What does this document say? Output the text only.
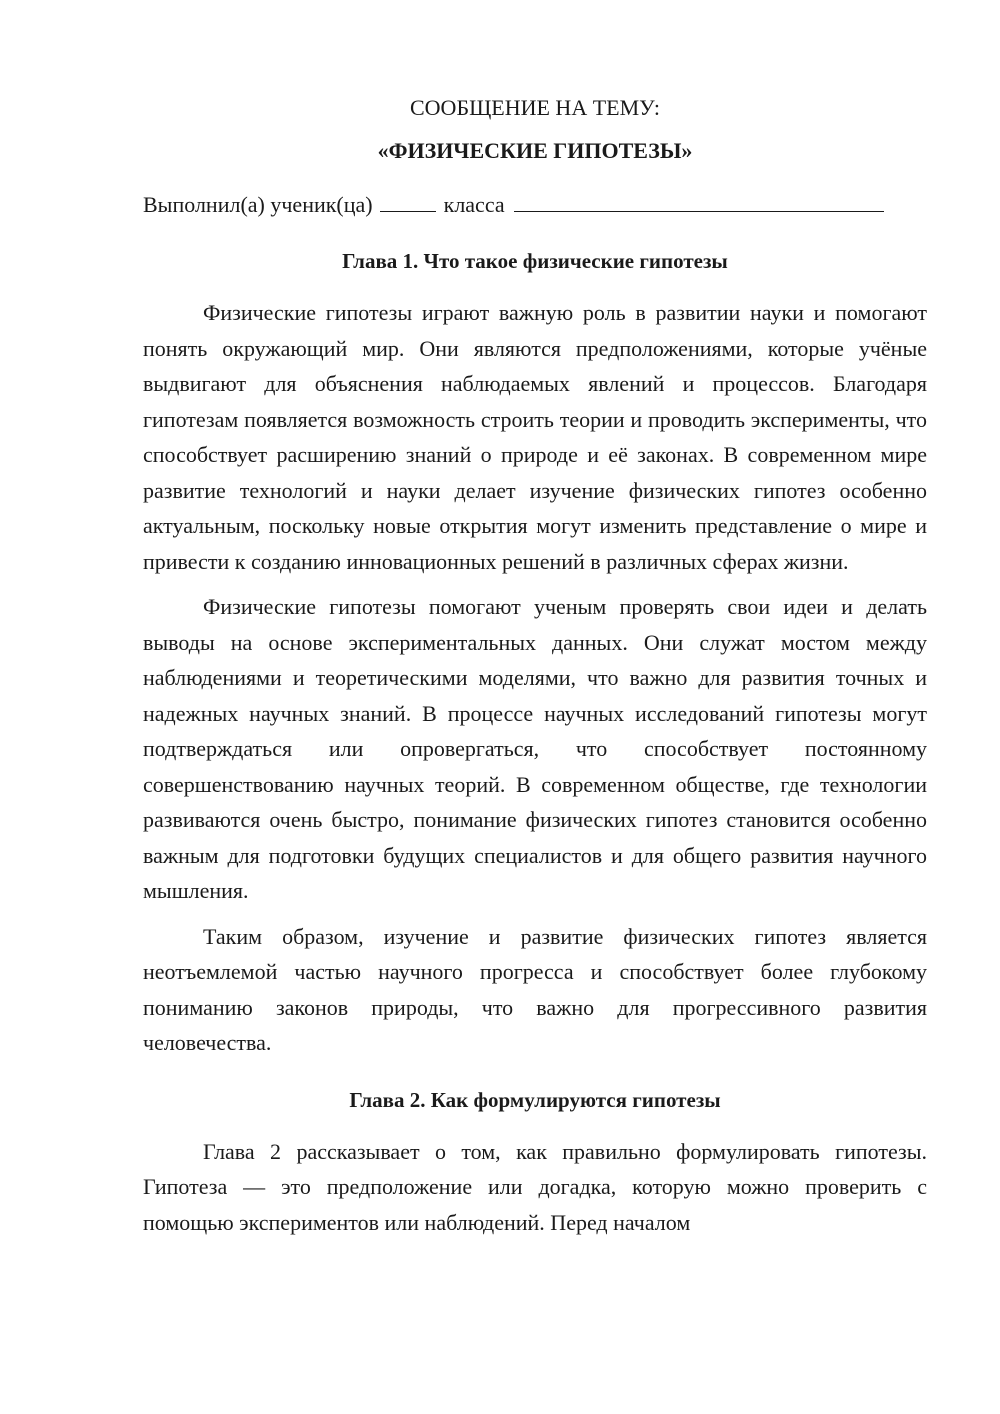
СООБЩЕНИЕ НА ТЕМУ:

«ФИЗИЧЕСКИЕ ГИПОТЕЗЫ»

Выполнил(а) ученик(ца)	класса

Глава 1. Что такое физические гипотезы

Физические гипотезы играют важную роль в развитии науки и помогают понять окружающий мир. Они являются предположениями, которые учёные выдвигают для объяснения наблюдаемых явлений и процессов. Благодаря гипотезам появляется возможность строить теории и проводить эксперименты, что способствует расширению знаний о природе и её законах. В современном мире развитие технологий и науки делает изучение физических гипотез особенно актуальным, поскольку новые открытия могут изменить представление о мире и привести к созданию инновационных решений в различных сферах жизни.

Физические гипотезы помогают ученым проверять свои идеи и делать выводы на основе экспериментальных данных. Они служат мостом между наблюдениями и теоретическими моделями, что важно для развития точных и надежных научных знаний. В процессе научных исследований гипотезы могут подтверждаться или опровергаться, что способствует постоянному совершенствованию научных теорий. В современном обществе, где технологии развиваются очень быстро, понимание физических гипотез становится особенно важным для подготовки будущих специалистов и для общего развития научного мышления.

Таким образом, изучение и развитие физических гипотез является неотъемлемой частью научного прогресса и способствует более глубокому пониманию законов природы, что важно для прогрессивного развития человечества.

Глава 2. Как формулируются гипотезы

Глава 2 рассказывает о том, как правильно формулировать гипотезы. Гипотеза — это предположение или догадка, которую можно проверить с помощью экспериментов или наблюдений. Перед началом
